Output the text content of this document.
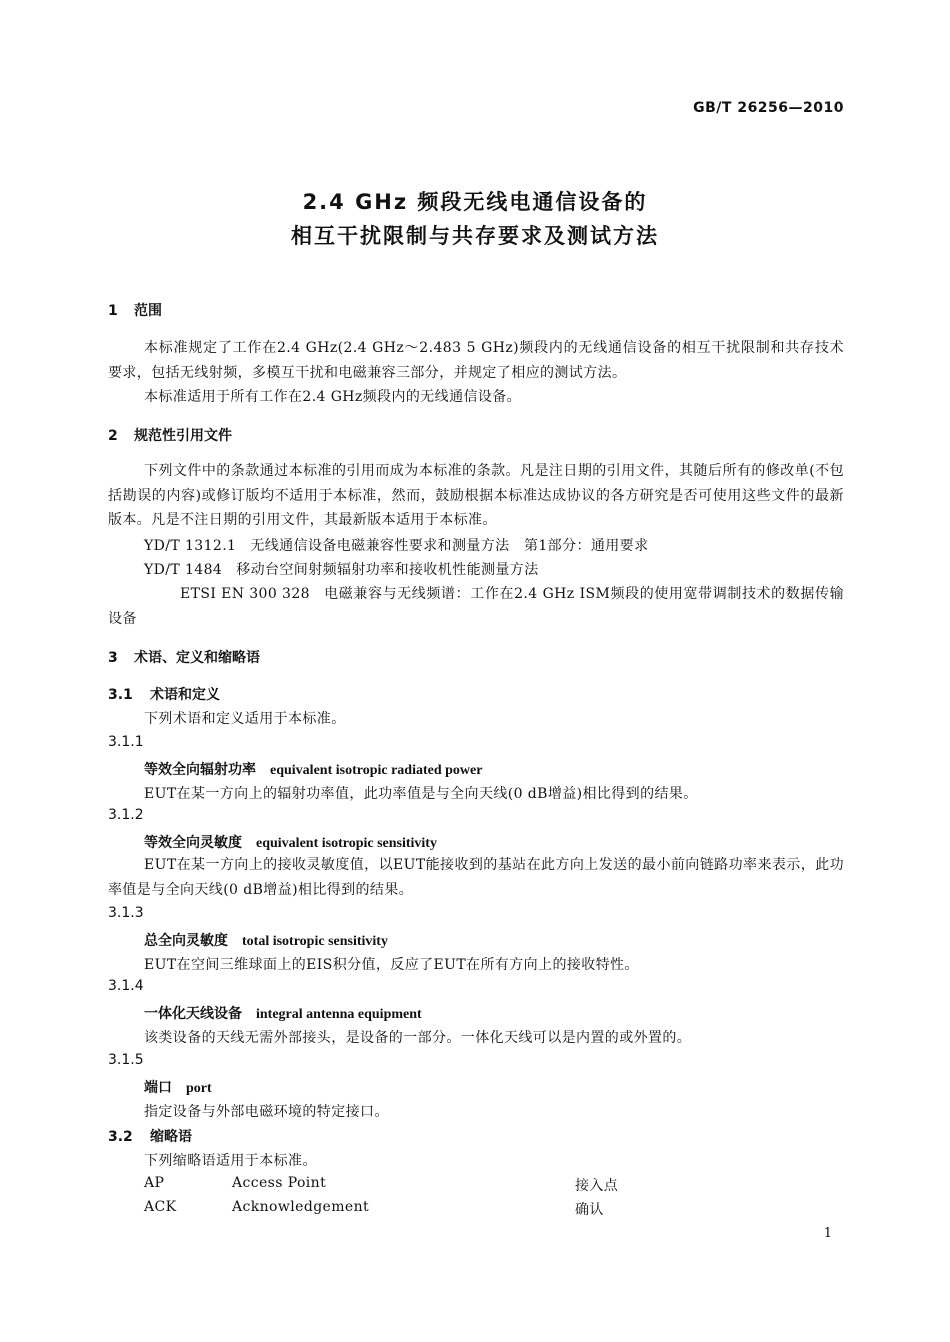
GB/T 26256—2010
2.4 GHz 频段无线电通信设备的
相互干扰限制与共存要求及测试方法
1 范围
本标准规定了工作在2.4 GHz(2.4 GHz～2.483 5 GHz)频段内的无线通信设备的相互干扰限制和共存技术要求，包括无线射频，多模互干扰和电磁兼容三部分，并规定了相应的测试方法。
本标准适用于所有工作在2.4 GHz频段内的无线通信设备。
2 规范性引用文件
下列文件中的条款通过本标准的引用而成为本标准的条款。凡是注日期的引用文件，其随后所有的修改单(不包括勘误的内容)或修订版均不适用于本标准，然而，鼓励根据本标准达成协议的各方研究是否可使用这些文件的最新版本。凡是不注日期的引用文件，其最新版本适用于本标准。
YD/T 1312.1 无线通信设备电磁兼容性要求和测量方法　第1部分：通用要求
YD/T 1484 移动台空间射频辐射功率和接收机性能测量方法
ETSI EN 300 328 电磁兼容与无线频谱：工作在2.4 GHz ISM频段的使用宽带调制技术的数据传输设备
3 术语、定义和缩略语
3.1 术语和定义
下列术语和定义适用于本标准。
3.1.1
等效全向辐射功率 equivalent isotropic radiated power
EUT在某一方向上的辐射功率值，此功率值是与全向天线(0 dB增益)相比得到的结果。
3.1.2
等效全向灵敏度 equivalent isotropic sensitivity
EUT在某一方向上的接收灵敏度值，以EUT能接收到的基站在此方向上发送的最小前向链路功率来表示，此功率值是与全向天线(0 dB增益)相比得到的结果。
3.1.3
总全向灵敏度 total isotropic sensitivity
EUT在空间三维球面上的EIS积分值，反应了EUT在所有方向上的接收特性。
3.1.4
一体化天线设备 integral antenna equipment
该类设备的天线无需外部接头，是设备的一部分。一体化天线可以是内置的或外置的。
3.1.5
端口 port
指定设备与外部电磁环境的特定接口。
3.2 缩略语
下列缩略语适用于本标准。
AP	Access Point	接入点
ACK	Acknowledgement	确认
1
